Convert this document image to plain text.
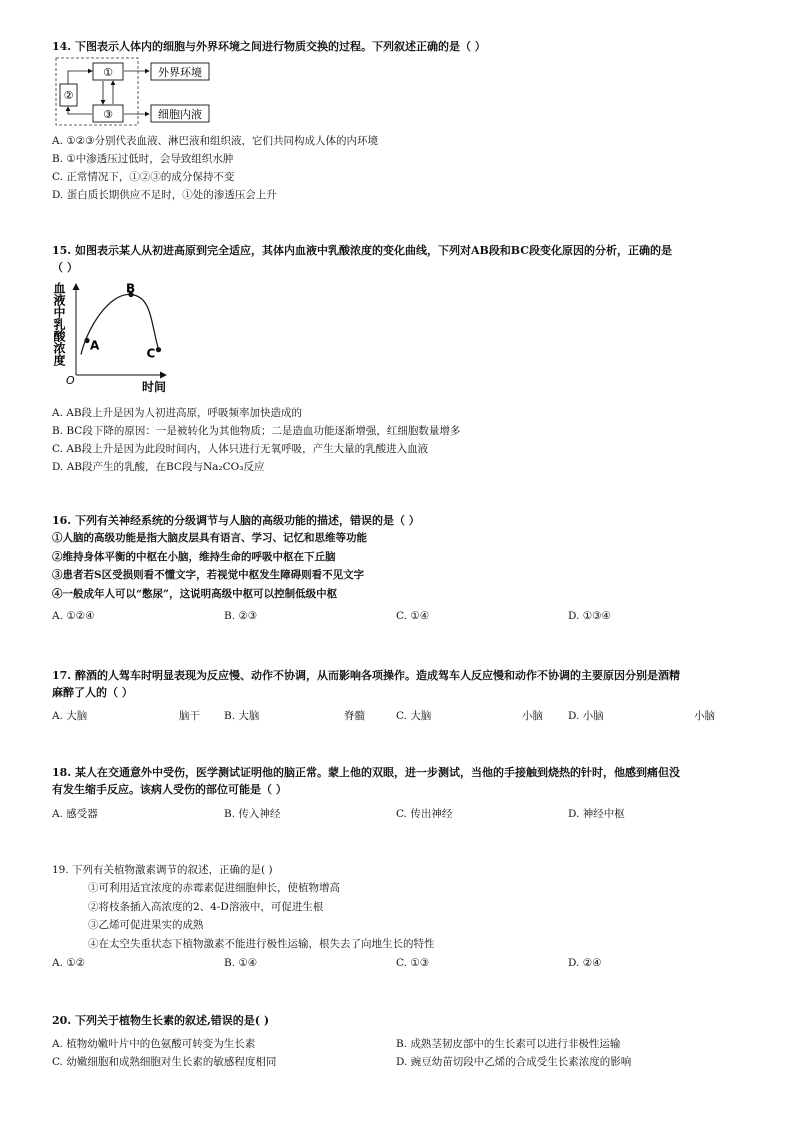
14. 下图表示人体内的细胞与外界环境之间进行物质交换的过程。下列叙述正确的是（ ）
①
②
③
外界环境
细胞内液
A. ①②③分别代表血液、淋巴液和组织液，它们共同构成人体的内环境
B. ①中渗透压过低时，会导致组织水肿
C. 正常情况下，①②③的成分保持不变
D. 蛋白质长期供应不足时，①处的渗透压会上升
15. 如图表示某人从初进高原到完全适应，其体内血液中乳酸浓度的变化曲线，下列对AB段和BC段变化原因的分析，正确的是
（ ）
血液中乳酸浓度
O	时间
A
B
C
A. AB段上升是因为人初进高原，呼吸频率加快造成的
B. BC段下降的原因：一是被转化为其他物质；二是造血功能逐渐增强，红细胞数量增多
C. AB段上升是因为此段时间内，人体只进行无氧呼吸，产生大量的乳酸进入血液
D. AB段产生的乳酸，在BC段与Na₂CO₃反应
16. 下列有关神经系统的分级调节与人脑的高级功能的描述，错误的是（ ）
①人脑的高级功能是指大脑皮层具有语言、学习、记忆和思维等功能
②维持身体平衡的中枢在小脑，维持生命的呼吸中枢在下丘脑
③患者若S区受损则看不懂文字，若视觉中枢发生障碍则看不见文字
④一般成年人可以“憋尿”，这说明高级中枢可以控制低级中枢
A. ①②④	B. ②③	C. ①④	D. ①③④
17. 醉酒的人驾车时明显表现为反应慢、动作不协调，从而影响各项操作。造成驾车人反应慢和动作不协调的主要原因分别是酒精
麻醉了人的（ ）
A. 大脑	脑干 B. 大脑	脊髓	C. 大脑	小脑 D. 小脑	小脑
18. 某人在交通意外中受伤，医学测试证明他的脑正常。蒙上他的双眼，进一步测试，当他的手接触到烧热的针时，他感到痛但没
有发生缩手反应。该病人受伤的部位可能是（ ）
A. 感受器	B. 传入神经	C. 传出神经	D. 神经中枢
19. 下列有关植物激素调节的叙述，正确的是( )
①可利用适宜浓度的赤霉素促进细胞伸长，使植物增高
②将枝条插入高浓度的2、4-D溶液中，可促进生根
③乙烯可促进果实的成熟
④在太空失重状态下植物激素不能进行极性运输，根失去了向地生长的特性
A. ①②	B. ①④	C. ①③	D. ②④
20. 下列关于植物生长素的叙述,错误的是( )
A. 植物幼嫩叶片中的色氨酸可转变为生长素	B. 成熟茎韧皮部中的生长素可以进行非极性运输
C. 幼嫩细胞和成熟细胞对生长素的敏感程度相同	D. 豌豆幼苗切段中乙烯的合成受生长素浓度的影响
